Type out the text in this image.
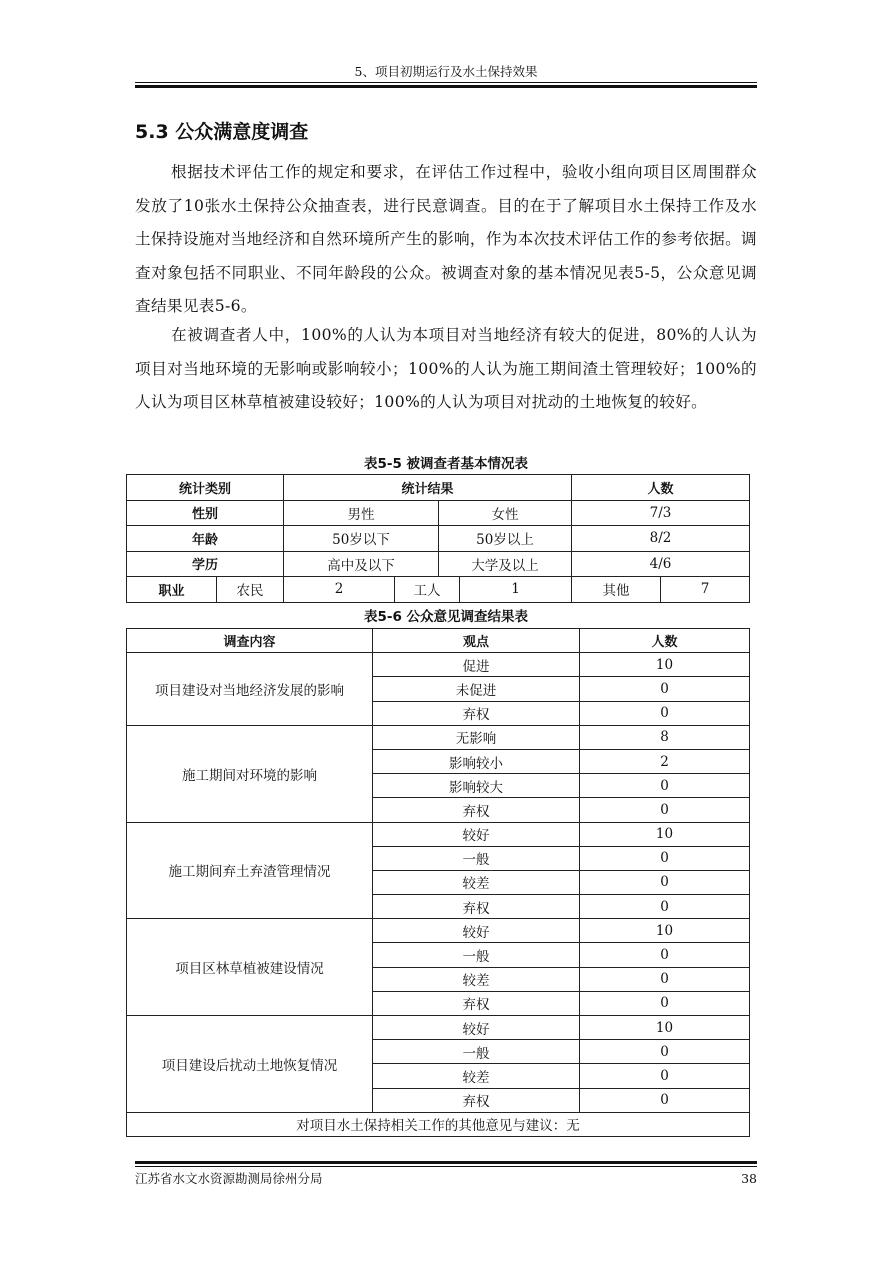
5、项目初期运行及水土保持效果
5.3 公众满意度调查

根据技术评估工作的规定和要求，在评估工作过程中，验收小组向项目区周围群众发放了10张水土保持公众抽查表，进行民意调查。目的在于了解项目水土保持工作及水土保持设施对当地经济和自然环境所产生的影响，作为本次技术评估工作的参考依据。调查对象包括不同职业、不同年龄段的公众。被调查对象的基本情况见表5-5，公众意见调查结果见表5-6。

在被调查者人中，100%的人认为本项目对当地经济有较大的促进，80%的人认为项目对当地环境的无影响或影响较小；100%的人认为施工期间渣土管理较好；100%的人认为项目区林草植被建设较好；100%的人认为项目对扰动的土地恢复的较好。

表5-5 被调查者基本情况表
统计类别		统计结果			人数	
性别		男性		女性	7/3	
年龄		50岁以下		50岁以上	8/2	
学历		高中及以下		大学及以上	4/6	
职业	农民	2	工人 1		其他	7
表5-6 公众意见调查结果表
调查内容	观点	人数
项目建设对当地经济发展的影响	促进	10
	未促进	0
	弃权	0
施工期间对环境的影响	无影响	8
	影响较小	2
	影响较大	0
	弃权	0
施工期间弃土弃渣管理情况	较好	10
	一般	0
	较差	0
	弃权	0
项目区林草植被建设情况	较好	10
	一般	0
	较差	0
	弃权	0
项目建设后扰动土地恢复情况	较好	10
	一般	0
	较差	0
	弃权	0
对项目水土保持相关工作的其他意见与建议：无		
江苏省水文水资源勘测局徐州分局	38
